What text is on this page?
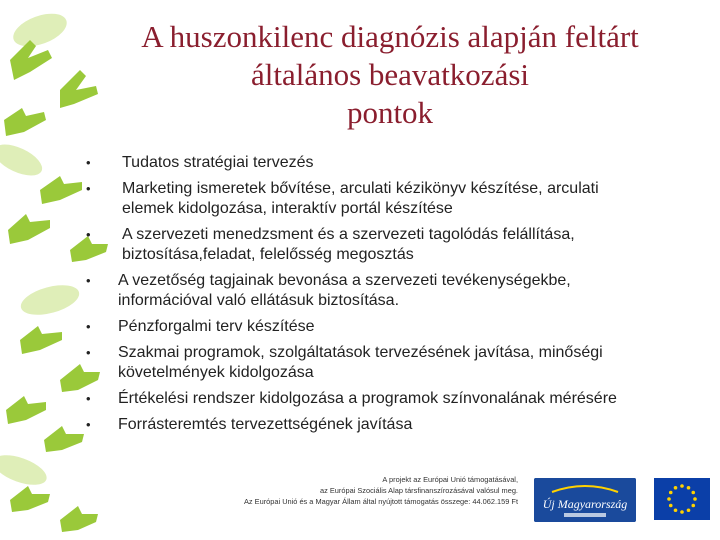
A huszonkilenc diagnózis alapján feltárt
általános beavatkozási
pontok
• Tudatos stratégiai tervezés
• Marketing ismeretek bővítése, arculati kézikönyv készítése, arculati
elemek kidolgozása, interaktív portál készítése
• A szervezeti menedzsment és a szervezeti tagolódás felállítása,
biztosítása,feladat, felelősség megosztás
• A vezetőség tagjainak bevonása a szervezeti tevékenységekbe,
információval való ellátásuk biztosítása.
• Pénzforgalmi terv készítése
• Szakmai programok, szolgáltatások tervezésének javítása, minőségi
követelmények kidolgozása
• Értékelési rendszer kidolgozása a programok színvonalának mérésére
• Forrásteremtés tervezettségének javítása
A projekt az Európai Unió támogatásával,
az Európai Szociális Alap társfinanszírozásával valósul meg.
Az Európai Unió és a Magyar Állam által nyújtott támogatás összege: 44.062.159 Ft Új Magyarország
